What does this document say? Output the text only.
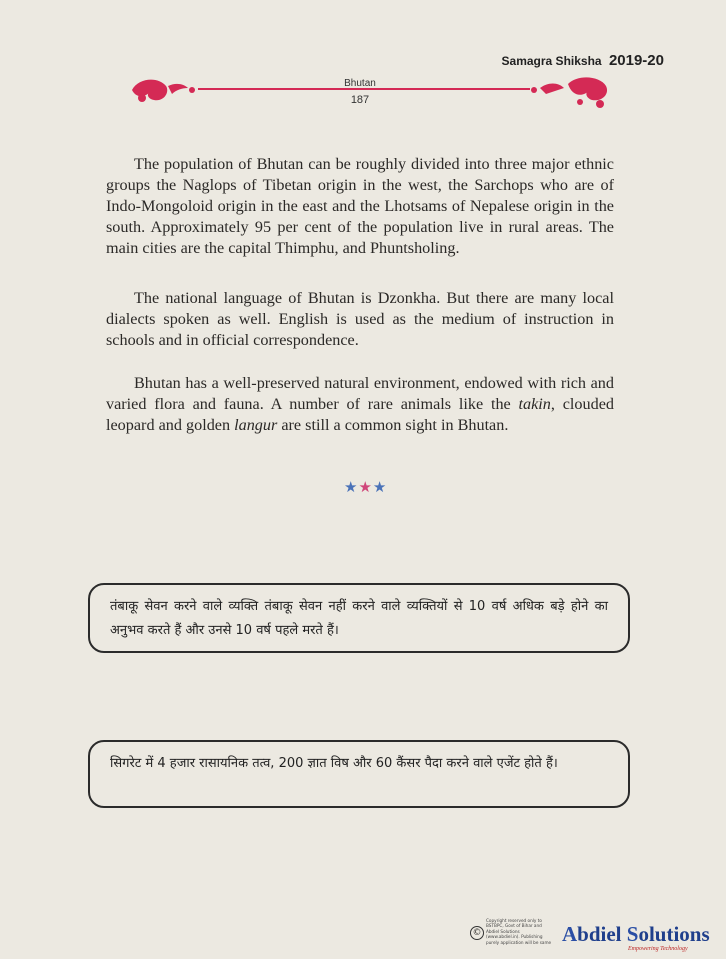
Samagra Shiksha 2019-20
Bhutan
187

The population of Bhutan can be roughly divided into three major ethnic groups the Naglops of Tibetan origin in the west, the Sarchops who are of Indo-Mongoloid origin in the east and the Lhotsams of Nepalese origin in the south. Approximately 95 per cent of the population live in rural areas. The main cities are the capital Thimphu, and Phuntsholing.

The national language of Bhutan is Dzonkha. But there are many local dialects spoken as well. English is used as the medium of instruction in schools and in official correspondence.

Bhutan has a well-preserved natural environment, endowed with rich and varied flora and fauna. A number of rare animals like the takin, clouded leopard and golden langur are still a common sight in Bhutan.

★★★
तंबाकू सेवन करने वाले व्यक्ति तंबाकू सेवन नहीं करने वाले व्यक्तियों से 10 वर्ष अधिक बड़े होने का अनुभव करते हैं और उनसे 10 वर्ष पहले मरते हैं।
सिगरेट में 4 हजार रासायनिक तत्व, 200 ज्ञात विष और 60 कैंसर पैदा करने वाले एजेंट होते हैं।
©
Copyright reserved only to
BSTBPC, Govt of Bihar and
Abdiel Solutions
(www.abdiel.in). Publishing
purely application will be same Abdiel Solutions
Empowering Technology
